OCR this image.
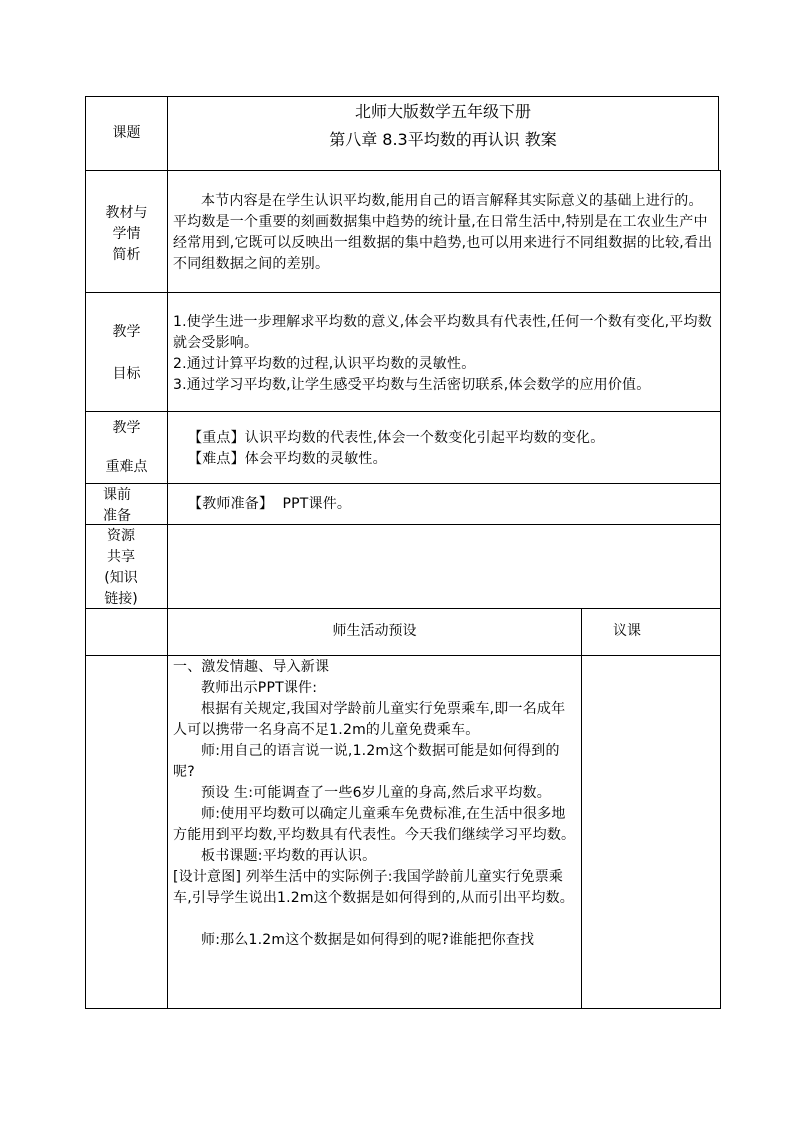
课题

北师大版数学五年级下册

第八章 8.3平均数的再认识 教案

教材与

学情

简析

本节内容是在学生认识平均数,能用自己的语言解释其实际意义的基础上进行的。平均数是一个重要的刻画数据集中趋势的统计量,在日常生活中,特别是在工农业生产中经常用到,它既可以反映出一组数据的集中趋势,也可以用来进行不同组数据的比较,看出不同组数据之间的差别。

教学

目标

1.使学生进一步理解求平均数的意义,体会平均数具有代表性,任何一个数有变化,平均数就会受影响。

2.通过计算平均数的过程,认识平均数的灵敏性。

3.通过学习平均数,让学生感受平均数与生活密切联系,体会数学的应用价值。

教学

重难点

【重点】认识平均数的代表性,体会一个数变化引起平均数的变化。

【难点】体会平均数的灵敏性。

课前

准备

【教师准备】  PPT课件。

资源

共享

(知识

链接)

师生活动预设	议课

一、激发情趣、导入新课

教师出示PPT课件:

根据有关规定,我国对学龄前儿童实行免票乘车,即一名成年人可以携带一名身高不足1.2m的儿童免费乘车。

师:用自己的语言说一说,1.2m这个数据可能是如何得到的呢?

预设 生:可能调查了一些6岁儿童的身高,然后求平均数。

师:使用平均数可以确定儿童乘车免费标准,在生活中很多地方能用到平均数,平均数具有代表性。今天我们继续学习平均数。

板书课题:平均数的再认识。

[设计意图] 列举生活中的实际例子:我国学龄前儿童实行免票乘车,引导学生说出1.2m这个数据是如何得到的,从而引出平均数。

师:那么1.2m这个数据是如何得到的呢?谁能把你查找
